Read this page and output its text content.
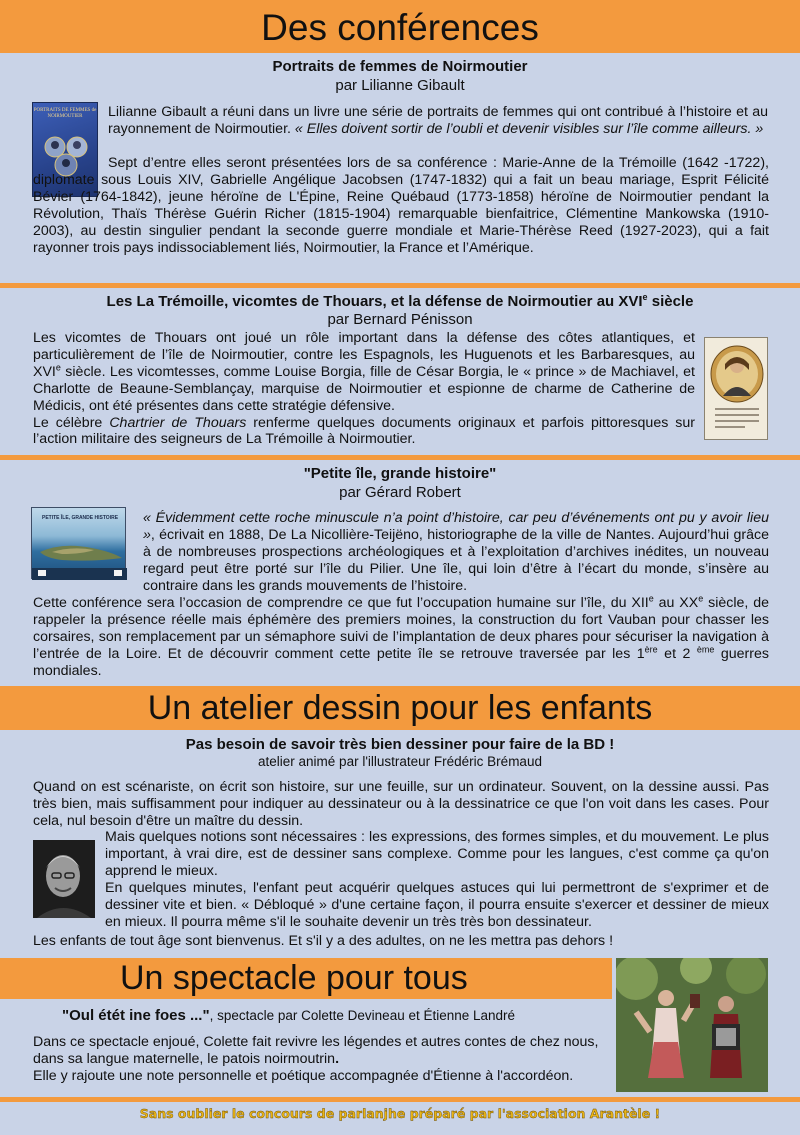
Des conférences
Portraits de femmes de Noirmoutier
par Lilianne Gibault
PORTRAITS DE FEMMES de NOIRMOUTIER	Lilianne Gibault a réuni dans un livre une série de portraits de femmes qui ont contribué à l’histoire et au rayonnement de Noirmoutier. « Elles doivent sortir de l’oubli et devenir visibles sur l’île comme ailleurs. »
Sept d’entre elles seront présentées lors de sa conférence : Marie-Anne de la Trémoille (1642 -1722), diplomate sous Louis XIV, Gabrielle Angélique Jacobsen (1747-1832) qui a fait un beau mariage, Esprit Félicité Bévier (1764-1842), jeune héroïne de L'Épine, Reine Québaud (1773-1858) héroïne de Noirmoutier pendant la Révolution, Thaïs Thérèse Guérin Richer (1815-1904) remarquable bienfaitrice, Clémentine Mankowska (1910-2003), au destin singulier pendant la seconde guerre mondiale et Marie-Thérèse Reed (1927-2023), qui a fait rayonner trois pays indissociablement liés, Noirmoutier, la France et l’Amérique.
Les La Trémoille, vicomtes de Thouars, et la défense de Noirmoutier au XVIe siècle
par Bernard Pénisson
Les vicomtes de Thouars ont joué un rôle important dans la défense des côtes atlantiques, et particulièrement de l’île de Noirmoutier, contre les Espagnols, les Huguenots et les Barbaresques, au XVIe siècle. Les vicomtesses, comme Louise Borgia, fille de César Borgia, le « prince » de Machiavel, et Charlotte de Beaune-Semblançay, marquise de Noirmoutier et espionne de charme de Catherine de Médicis, ont été présentes dans cette stratégie défensive.
Le célèbre Chartrier de Thouars renferme quelques documents originaux et parfois pittoresques sur l’action militaire des seigneurs de La Trémoille à Noirmoutier.
"Petite île, grande histoire"
par Gérard Robert
PETITE ÎLE, GRANDE HISTOIRE	« Évidemment cette roche minuscule n’a point d’histoire, car peu d’événements ont pu y avoir lieu », écrivait en 1888, De La Nicollière-Teijëno, historiographe de la ville de Nantes. Aujourd’hui grâce à de nombreuses prospections archéologiques et à l’exploitation d’archives inédites, un nouveau regard peut être porté sur l’île du Pilier. Une île, qui loin d’être à l’écart du monde, s’insère au contraire dans les grands mouvements de l’histoire.
Cette conférence sera l’occasion de comprendre ce que fut l’occupation humaine sur l’île, du XIIe au XXe siècle, de rappeler la présence réelle mais éphémère des premiers moines, la construction du fort Vauban pour chasser les corsaires, son remplacement par un sémaphore suivi de l’implantation de deux phares pour sécuriser la navigation à l’entrée de la Loire. Et de découvrir comment cette petite île se retrouve traversée par les 1ère et 2 $^{ème}$ guerres mondiales.
Un atelier dessin pour les enfants
Pas besoin de savoir très bien dessiner pour faire de la BD !
atelier animé par l'illustrateur Frédéric Brémaud
Quand on est scénariste, on écrit son histoire, sur une feuille, sur un ordinateur. Souvent, on la dessine aussi. Pas très bien, mais suffisamment pour indiquer au dessinateur ou à la dessinatrice ce que l'on voit dans les cases. Pour cela, nul besoin d'être un maître du dessin.
Mais quelques notions sont nécessaires : les expressions, des formes simples, et du mouvement. Le plus important, à vrai dire, est de dessiner sans complexe. Comme pour les langues, c'est comme ça qu'on apprend le mieux.
En quelques minutes, l'enfant peut acquérir quelques astuces qui lui permettront de s'exprimer et de dessiner vite et bien. « Débloqué » d'une certaine façon, il pourra ensuite s'exercer et dessiner de mieux en mieux. Il pourra même s'il le souhaite devenir un très très bon dessinateur.
Les enfants de tout âge sont bienvenus. Et s'il y a des adultes, on ne les mettra pas dehors !
Un spectacle pour tous
"Oul étét ine foes ...", spectacle par Colette Devineau et Étienne Landré
Dans ce spectacle enjoué, Colette fait revivre les légendes et autres contes de chez nous, dans sa langue maternelle, le patois noirmoutrin.
Elle y rajoute une note personnelle et poétique accompagnée d'Étienne à l'accordéon.
Sans oublier le concours de parlanjhe préparé par l'association Arantèle !
